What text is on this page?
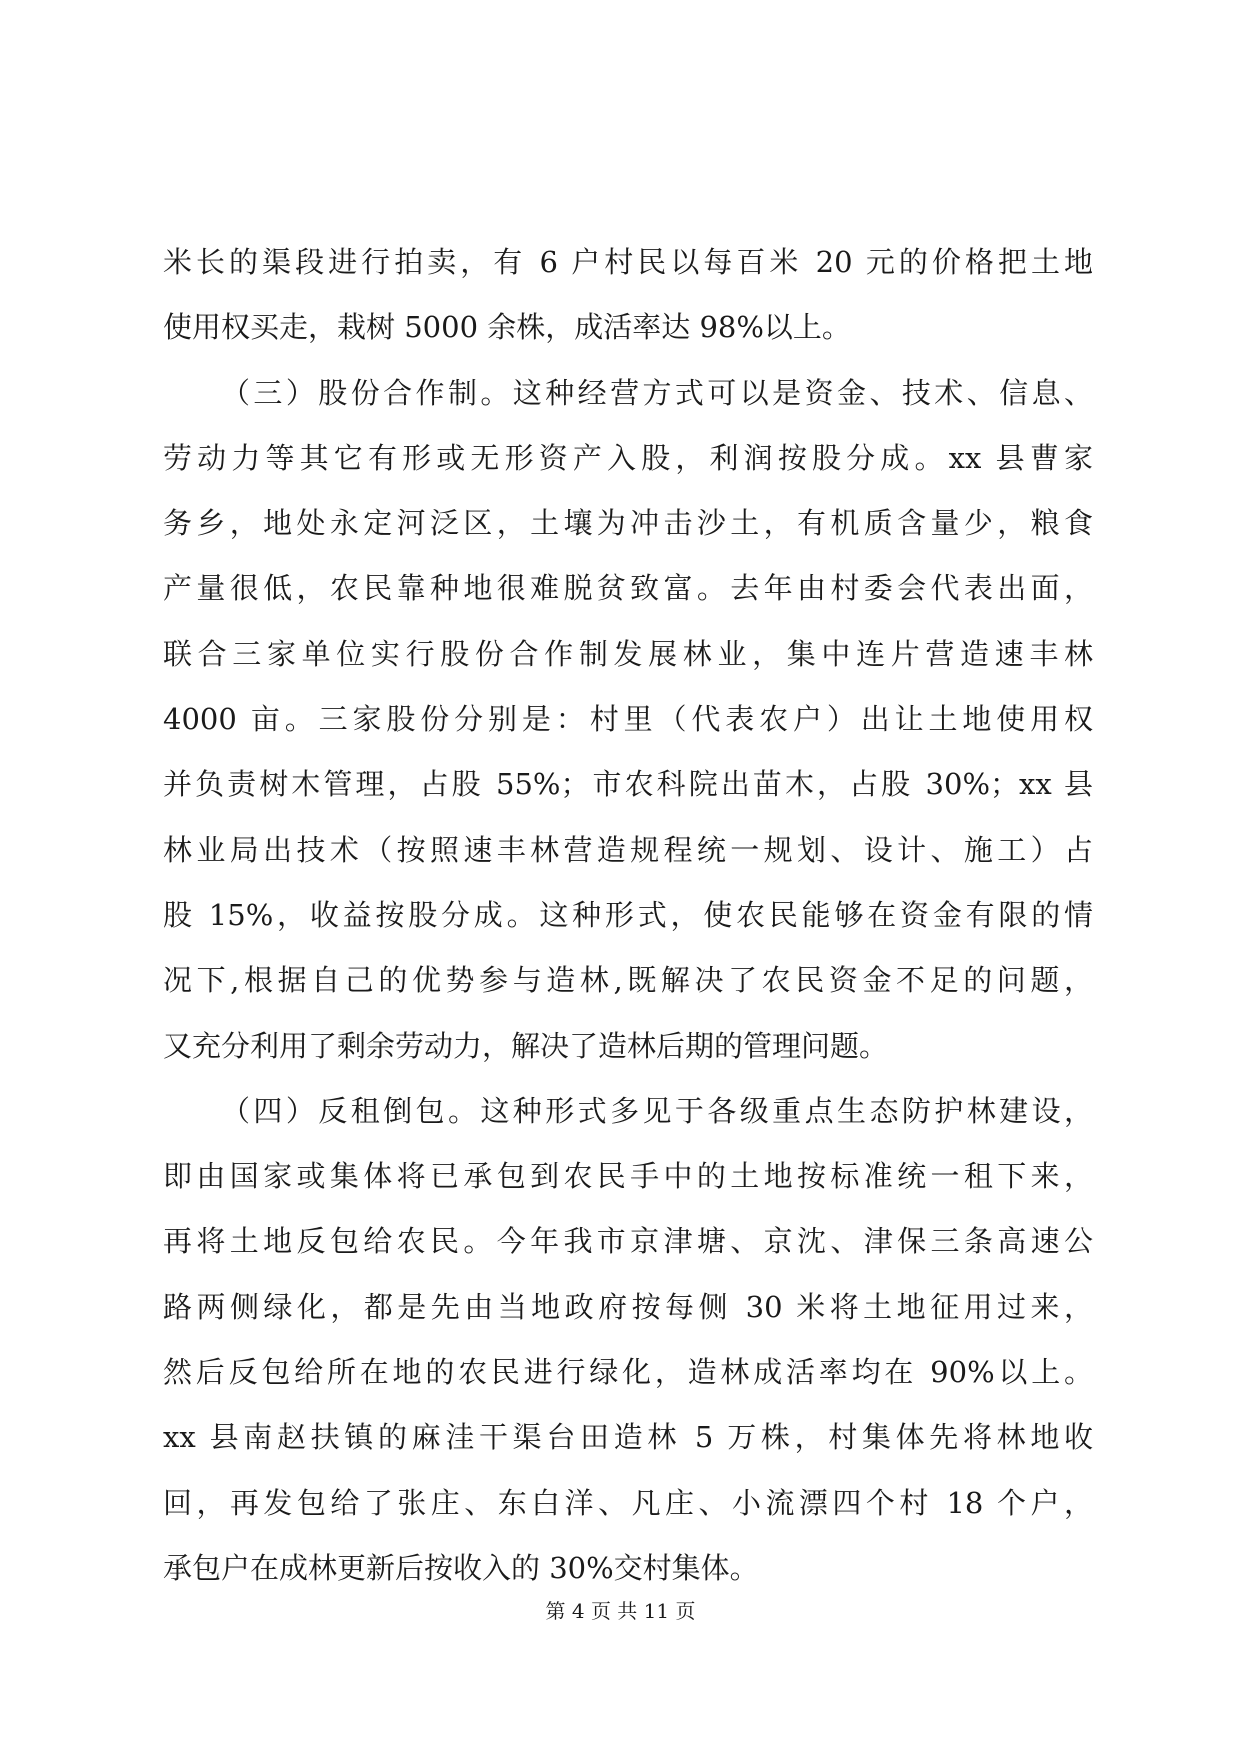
米长的渠段进行拍卖，有 6 户村民以每百米 20 元的价格把土地
使用权买走，栽树 5000 余株，成活率达 98%以上。
（三）股份合作制。这种经营方式可以是资金、技术、信息、
劳动力等其它有形或无形资产入股，利润按股分成。xx 县曹家
务乡，地处永定河泛区，土壤为冲击沙土，有机质含量少，粮食
产量很低，农民靠种地很难脱贫致富。去年由村委会代表出面，
联合三家单位实行股份合作制发展林业，集中连片营造速丰林
4000 亩。三家股份分别是：村里（代表农户）出让土地使用权
并负责树木管理，占股 55%；市农科院出苗木，占股 30%；xx 县
林业局出技术（按照速丰林营造规程统一规划、设计、施工）占
股 15%，收益按股分成。这种形式，使农民能够在资金有限的情
况下,根据自己的优势参与造林,既解决了农民资金不足的问题，
又充分利用了剩余劳动力，解决了造林后期的管理问题。
（四）反租倒包。这种形式多见于各级重点生态防护林建设，
即由国家或集体将已承包到农民手中的土地按标准统一租下来，
再将土地反包给农民。今年我市京津塘、京沈、津保三条高速公
路两侧绿化，都是先由当地政府按每侧 30 米将土地征用过来，
然后反包给所在地的农民进行绿化，造林成活率均在 90%以上。
xx 县南赵扶镇的麻洼干渠台田造林 5 万株，村集体先将林地收
回，再发包给了张庄、东白洋、凡庄、小流漂四个村 18 个户，
承包户在成林更新后按收入的 30%交村集体。
第 4 页 共 11 页
